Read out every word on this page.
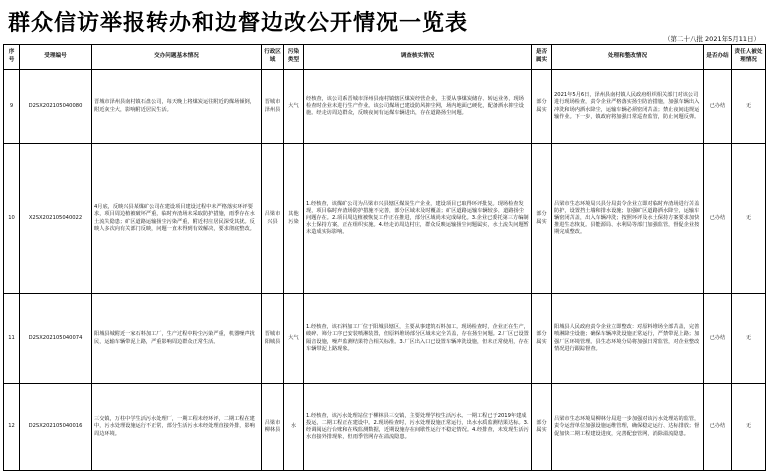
群众信访举报转办和边督边改公开情况一览表
（第二十八批 2021年5月11日）
序号	受理编号	交办问题基本情况	行政区域	污染类型	调查核实情况	是否属实	处理和整改情况	是否办结	责任人被处理情况
9	D2SX202105040080	晋城市泽州县南村镇石盘公司，每天晚上将煤炭运往附近的煤场倾倒，附近灰尘大，影响附近居民生活。	晋城市泽州县	大气	经核查，该公司系晋城市泽州县南村镇辖区煤炭经营企业，主要从事煤炭储存、转运业务，现场检查时企业未进行生产作业。该公司煤场已建设防风抑尘网，场内地面已硬化，配备洒水抑尘设施。经走访周边群众，反映夜间有运煤车辆进出，存在道路扬尘问题。	部分属实	2021年5月6日，泽州县南村镇人民政府组织相关部门对该公司进行现场检查，责令企业严格落实扬尘防治措施，加强车辆出入冲洗和场内洒水降尘，运输车辆必须密闭苫盖；禁止夜间违规运输作业。下一步，镇政府将加强日常巡查监管，防止问题反弹。	已办结	无
10	X2SX202105040022	4月底，反映兴县某煤矿公司在建设项目建设过程中未严格落实环评要求，项目周边植被破坏严重，临时弃渣场未采取防护措施，雨季存在水土流失隐患；矿区道路运输扬尘污染严重，附近村庄居民深受其扰。反映人多次向有关部门反映，问题一直未得到有效解决，要求彻底整改。	吕梁市兴县	其他污染	1.经核查，该煤矿公司为吕梁市兴县辖区煤炭生产企业，建设项目已取得环评批复。现场检查发现，项目临时弃渣场防护措施不完善，部分区域未及时覆盖；矿区道路运输车辆较多，道路扬尘问题存在。2.项目周边植被恢复工作正在推进，部分区域尚未完成绿化。3.企业已委托第三方编制水土保持方案，正在组织实施。4.经走访周边村庄，群众反映运输扬尘问题属实，水土流失问题暂未造成实际影响。	部分属实	吕梁市生态环境局兴县分局责令企业立即对临时弃渣场进行苫盖防护，设置挡土墙和排水设施；加强矿区道路洒水降尘，运输车辆密闭苫盖，出入车辆冲洗；按照环评及水土保持方案要求加快推进生态恢复。县能源局、水利局等部门加强监管，督促企业按期完成整改。	已办结	无
11	D2SX202105040074	阳城县城附近一家石料加工厂，生产过程中粉尘污染严重，机器噪声扰民，运输车辆带泥上路，严重影响周边群众正常生活。	晋城市阳城县	大气	1.经核查，该石料加工厂位于阳城县辖区，主要从事建筑石料加工。现场检查时，企业正在生产，破碎、筛分工序已安装喷淋装置，但原料堆场部分区域未完全苫盖，存在扬尘问题。2.厂区已设置隔音设施，噪声监测结果符合相关标准。3.厂区出入口已设置车辆冲洗设施，但未正常使用，存在车辆带泥上路现象。	部分属实	阳城县人民政府责令企业立即整改：对原料堆场全部苫盖，完善喷淋降尘设施；确保车辆冲洗设施正常运行，严禁带泥上路；加强厂区环境管理。县生态环境分局将加强日常监管，对企业整改情况进行跟踪督查。	已办结	无
12	D2SX202105040016	三交镇，万柱中学生活污水处理厂，一期工程未经环评，二期工程在建中，污水处理设施运行不正常，部分生活污水未经处理直接外排，影响周边环境。	吕梁市柳林县	水	1.经核查，该污水处理站位于柳林县三交镇，主要处理学校生活污水。一期工程已于2019年建成投运，二期工程正在建设中。2.现场检查时，污水处理设施正常运行，出水水质监测结果达标。3.经调阅运行台账和在线监测数据，近期设施存在间歇性运行不稳定情况。4.经排查，未发现生活污水直接外排现象，但雨季管网存在溢流隐患。	部分属实	吕梁市生态环境局柳林分局进一步加强对该污水处理站的监管，责令运营单位加强设施运维管理，确保稳定运行、达标排放；督促加快二期工程建设进度，完善配套管网，消除溢流隐患。	已办结	无
